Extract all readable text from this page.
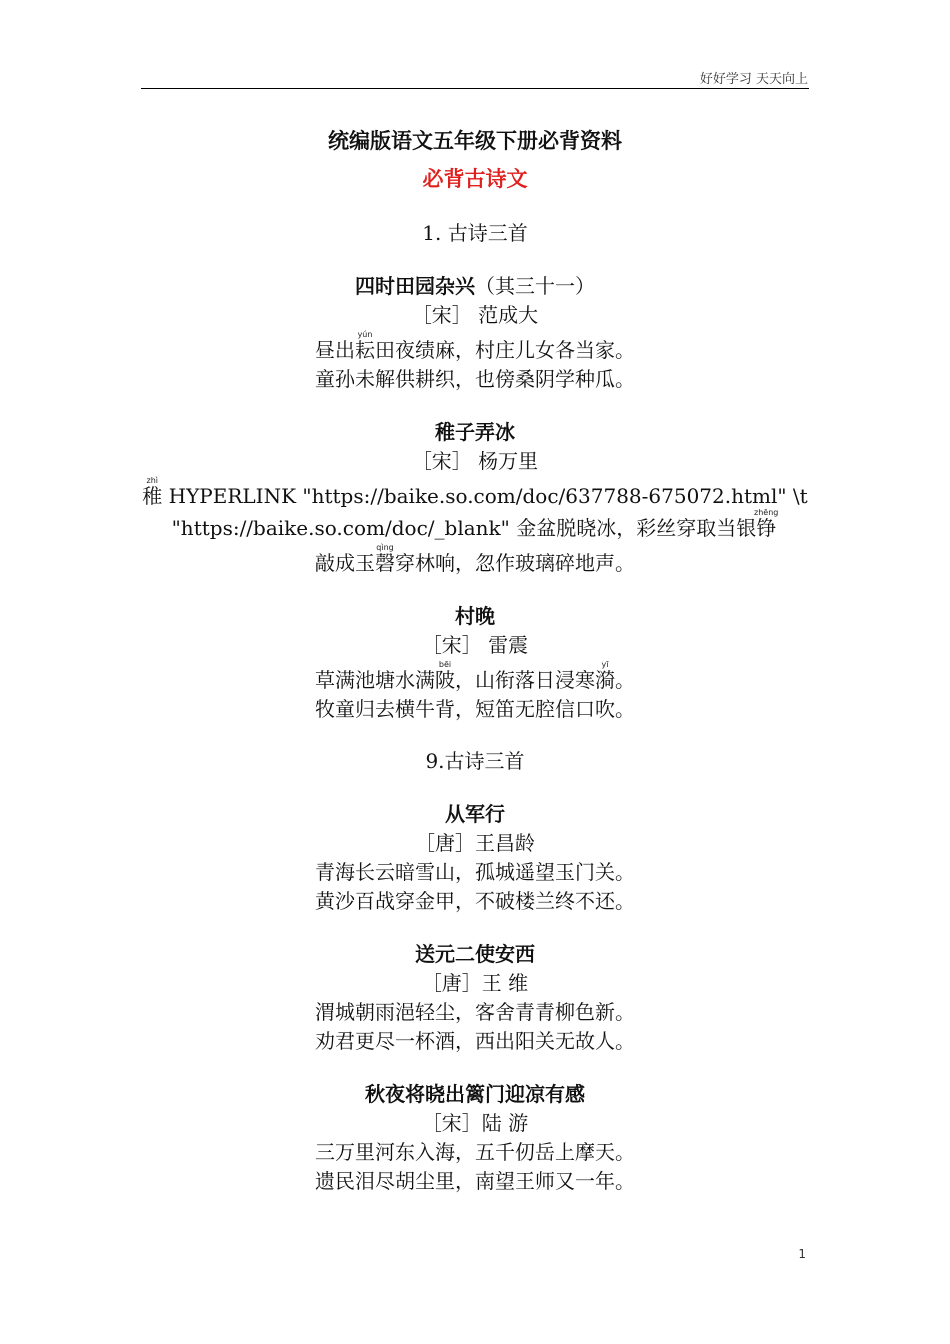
好好学习 天天向上
统编版语文五年级下册必背资料
必背古诗文
1. 古诗三首
四时田园杂兴（其三十一）
［宋］ 范成大
昼出耘yún田夜绩麻，村庄儿女各当家。
童孙未解供耕织，也傍桑阴学种瓜。
稚子弄冰
［宋］ 杨万里
稚zhì HYPERLINK "https://baike.so.com/doc/637788-675072.html" \t "https://baike.so.com/doc/_blank" 金盆脱晓冰，彩丝穿取当银铮zhēng
敲成玉磬qìng穿林响，忽作玻璃碎地声。
村晚
［宋］ 雷震
草满池塘水满陂bēi，山衔落日浸寒漪yī。
牧童归去横牛背，短笛无腔信口吹。
9.古诗三首
从军行
［唐］王昌龄
青海长云暗雪山，孤城遥望玉门关。
黄沙百战穿金甲，不破楼兰终不还。
送元二使安西
［唐］王 维
渭城朝雨浥轻尘，客舍青青柳色新。
劝君更尽一杯酒，西出阳关无故人。
秋夜将晓出篱门迎凉有感
［宋］陆 游
三万里河东入海，五千仞岳上摩天。
遗民泪尽胡尘里，南望王师又一年。
1
